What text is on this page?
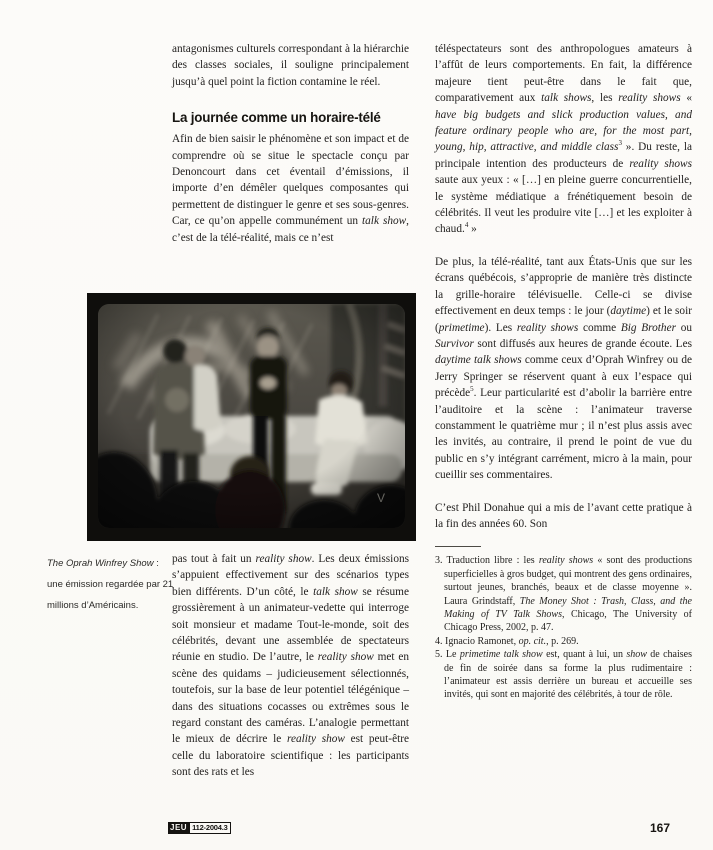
antagonismes culturels correspondant à la hiérarchie des classes sociales, il souligne principalement jusqu’à quel point la fiction contamine le réel.

La journée comme un horaire-télé

Afin de bien saisir le phénomène et son impact et de comprendre où se situe le spectacle conçu par Denoncourt dans cet éventail d’émissions, il importe d’en démêler quelques composantes qui permettent de distinguer le genre et ses sous-genres. Car, ce qu’on appelle communément un talk show, c’est de la télé-réalité, mais ce n’est

The Oprah Winfrey Show : une émission regardée par 21 millions d’Américains.

pas tout à fait un reality show. Les deux émissions s’appuient effectivement sur des scénarios types bien différents. D’un côté, le talk show se résume grossièrement à un animateur-vedette qui interroge soit monsieur et madame Tout-le-monde, soit des célébrités, devant une assemblée de spectateurs réunie en studio. De l’autre, le reality show met en scène des quidams – judicieusement sélectionnés, toutefois, sur la base de leur potentiel télégénique – dans des situations cocasses ou extrêmes sous le regard constant des caméras. L’analogie permettant le mieux de décrire le reality show est peut-être celle du laboratoire scientifique : les participants sont des rats et les

téléspectateurs sont des anthropologues amateurs à l’affût de leurs comportements. En fait, la différence majeure tient peut-être dans le fait que, comparativement aux talk shows, les reality shows « have big budgets and slick production values, and feature ordinary people who are, for the most part, young, hip, attractive, and middle class$^3$ ». Du reste, la principale intention des producteurs de reality shows saute aux yeux : « […] en pleine guerre concurrentielle, le système médiatique a frénétiquement besoin de célébrités. Il veut les produire vite […] et les exploiter à chaud.$^4$ »

De plus, la télé-réalité, tant aux États-Unis que sur les écrans québécois, s’approprie de manière très distincte la grille-horaire télévisuelle. Celle-ci se divise effectivement en deux temps : le jour (daytime) et le soir (primetime). Les reality shows comme Big Brother ou Survivor sont diffusés aux heures de grande écoute. Les daytime talk shows comme ceux d’Oprah Winfrey ou de Jerry Springer se réservent quant à eux l’espace qui précède$^5$. Leur particularité est d’abolir la barrière entre l’auditoire et la scène : l’animateur traverse constamment le quatrième mur ; il n’est plus assis avec les invités, au contraire, il prend le point de vue du public en s’y intégrant carrément, micro à la main, pour cueillir ses commentaires.

C’est Phil Donahue qui a mis de l’avant cette pratique à la fin des années 60. Son

3. Traduction libre : les reality shows « sont des productions superficielles à gros budget, qui montrent des gens ordinaires, surtout jeunes, branchés, beaux et de classe moyenne ». Laura Grindstaff, The Money Shot : Trash, Class, and the Making of TV Talk Shows, Chicago, The University of Chicago Press, 2002, p. 47.

4. Ignacio Ramonet, op. cit., p. 269.

5. Le primetime talk show est, quant à lui, un show de chaises de fin de soirée dans sa forme la plus rudimentaire : l’animateur est assis derrière un bureau et accueille ses invités, qui sont en majorité des célébrités, à tour de rôle.

JEU 112-2004.3	167
